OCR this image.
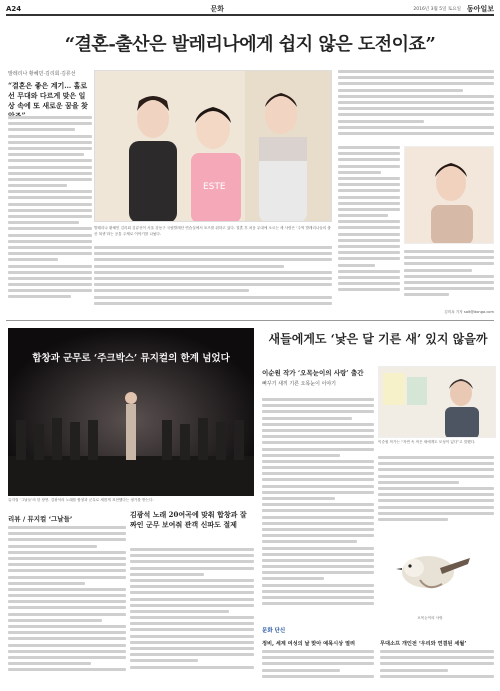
A24	문화	2016년 3월 5일 토요일 동아일보
“결혼-출산은 발레리나에게 쉽지 않은 도전이죠”
발레리나 황혜민·김리회·김류선
“결혼은 좋은 계기… 홀로 선 무대와 다르게 맞은 일상 속에 또 새로운 꿈을 찾
ESTE
발레리나 황혜민 김리회 김류선이 서울 강동구 국립발레단 연습실에서 포즈를 취하고 있다. 결혼 후 처음 무대에 오르는 세 사람은 ‘주역 발레리나들의 출산 복귀’라는 공통 주제로 이야기를 나눴다.
김미옥 기자 salt@donga.com
합창과 군무로 ‘주크박스’ 뮤지컬의 한계 넘었다
뮤지컬 ‘그날들’의 한 장면. 김광석의 노래를 합창과 군무로 새롭게 표현했다는 평가를 받는다.
리뷰 / 뮤지컬 ‘그날들’	김광석 노래 20여곡에 맞춰 합창과 잘 짜인 군무 보여줘 관객 신파도 절제
새들에게도 ‘낯은 달 기른 새’ 있지 않을까
이순원 작가 ‘오목눈이의 사랑’ 출간
뻐꾸기 새끼 기른 오목눈이 이야기
이순원 작가는 “자연 속 작은 새에게도 모성이 있다”고 말했다.
오목눈이의 사랑
문화 단신
정비, 세계 여성의 날 맞아 예목시상 열려	무대소프 개인전 ‘우리와 연결된 세월’
